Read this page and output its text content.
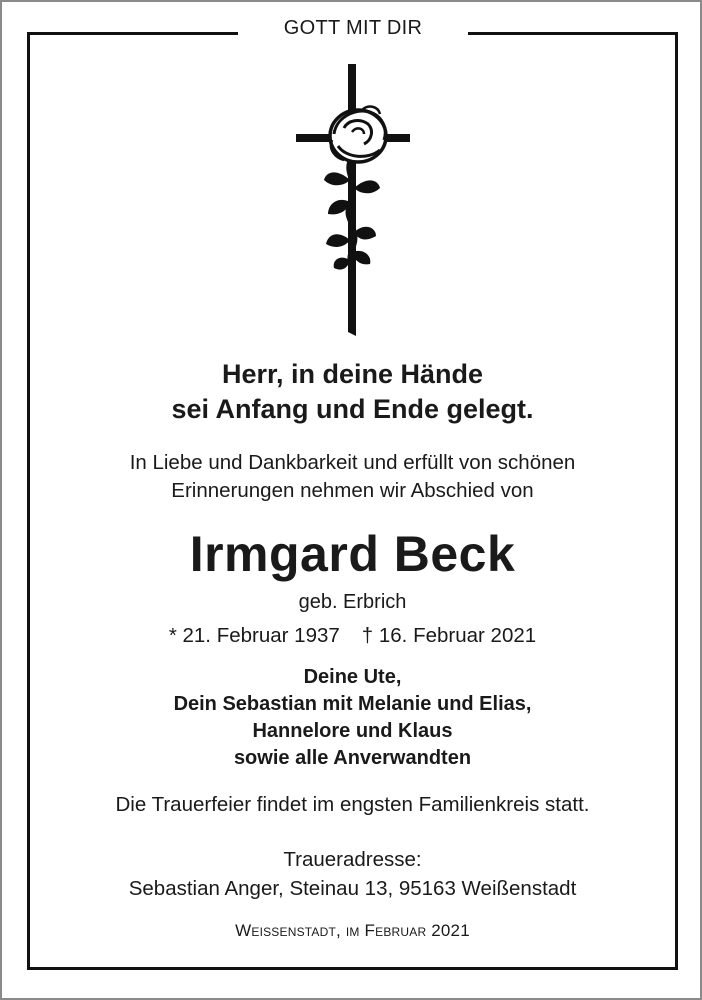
GOTT MIT DIR
Herr, in deine Hände
sei Anfang und Ende gelegt.
In Liebe und Dankbarkeit und erfüllt von schönen
Erinnerungen nehmen wir Abschied von
Irmgard Beck
geb. Erbrich
* 21. Februar 1937 † 16. Februar 2021
Deine Ute,
Dein Sebastian mit Melanie und Elias,
Hannelore und Klaus
sowie alle Anverwandten
Die Trauerfeier findet im engsten Familienkreis statt.
Traueradresse:
Sebastian Anger, Steinau 13, 95163 Weißenstadt
Weissenstadt, im Februar 2021
